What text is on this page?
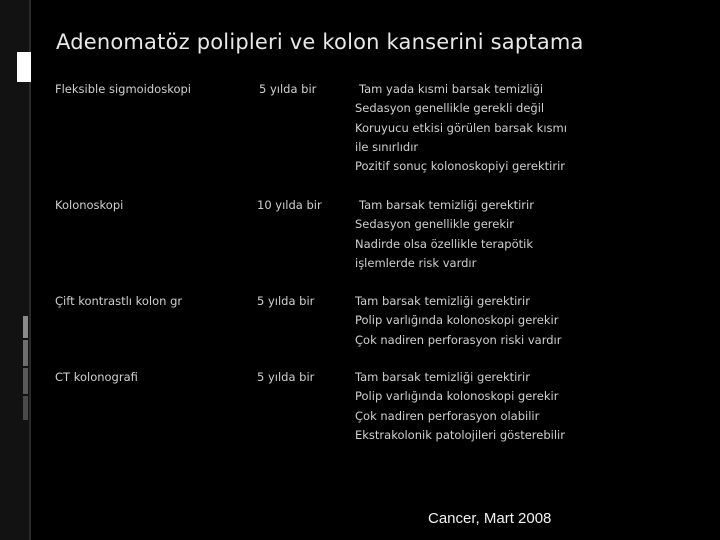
Adenomatöz polipleri ve kolon kanserini saptama
Fleksible sigmoidoskopi	5 yılda bir	Tam yada kısmi barsak temizliği
Sedasyon genellikle gerekli değil
Koruyucu etkisi görülen barsak kısmı
ile sınırlıdır
Pozitif sonuç kolonoskopiyi gerektirir
Kolonoskopi	10 yılda bir	Tam barsak temizliği gerektirir
Sedasyon genellikle gerekir
Nadirde olsa özellikle terapötik
işlemlerde risk vardır
Çift kontrastlı kolon gr	5 yılda bir	Tam barsak temizliği gerektirir
Polip varlığında kolonoskopi gerekir
Çok nadiren perforasyon riski vardır
CT kolonografi	5 yılda bir	Tam barsak temizliği gerektirir
Polip varlığında kolonoskopi gerekir
Çok nadiren perforasyon olabilir
Ekstrakolonik patolojileri gösterebilir
Cancer, Mart 2008
